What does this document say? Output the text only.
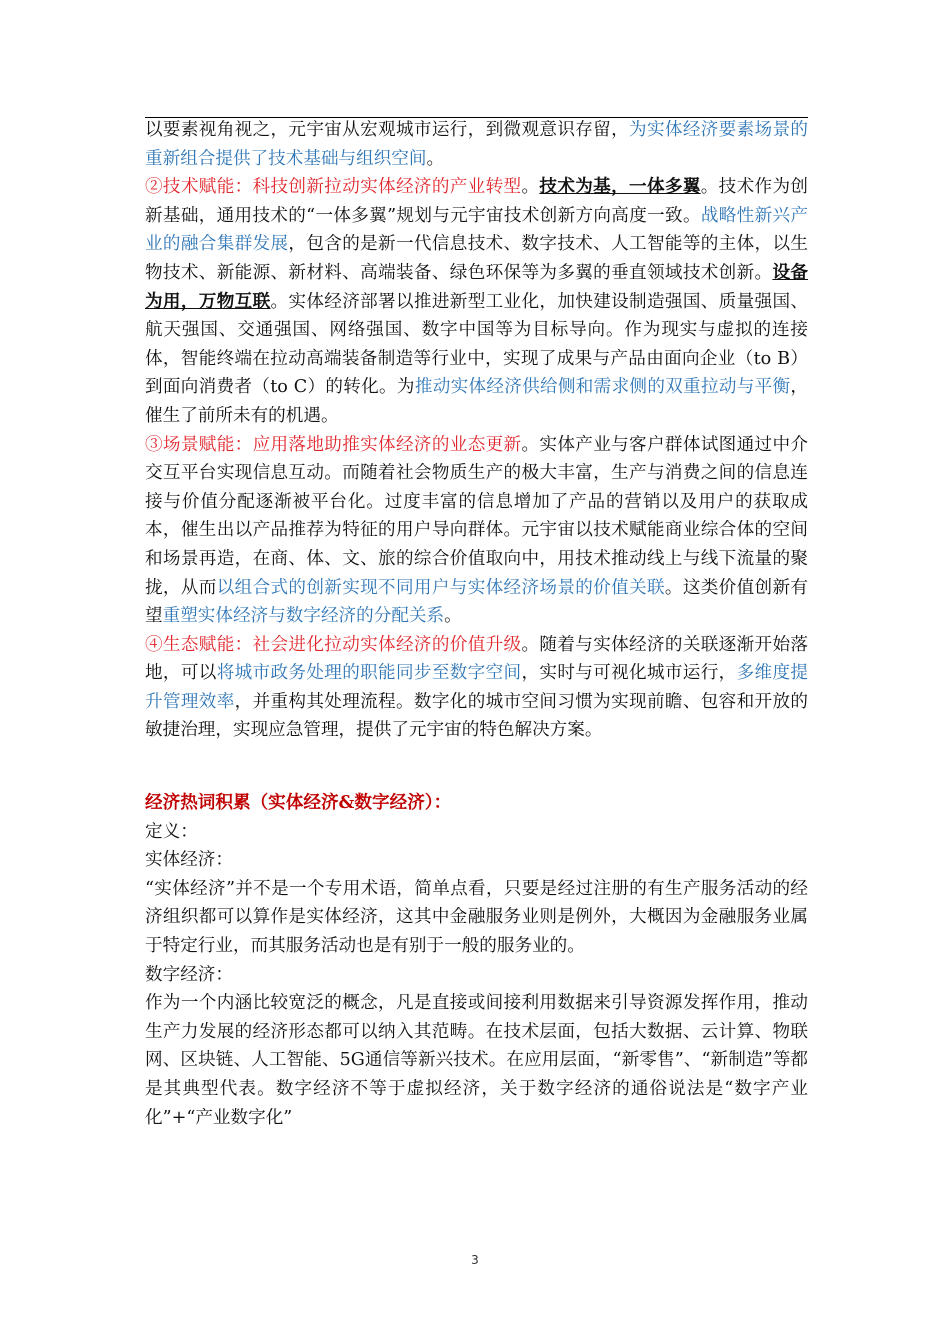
以要素视角视之，元宇宙从宏观城市运行，到微观意识存留，为实体经济要素场景的重新组合提供了技术基础与组织空间。

②技术赋能：科技创新拉动实体经济的产业转型。技术为基，一体多翼。技术作为创新基础，通用技术的“一体多翼”规划与元宇宙技术创新方向高度一致。战略性新兴产业的融合集群发展，包含的是新一代信息技术、数字技术、人工智能等的主体，以生物技术、新能源、新材料、高端装备、绿色环保等为多翼的垂直领域技术创新。设备为用，万物互联。实体经济部署以推进新型工业化，加快建设制造强国、质量强国、航天强国、交通强国、网络强国、数字中国等为目标导向。作为现实与虚拟的连接体，智能终端在拉动高端装备制造等行业中，实现了成果与产品由面向企业（to B）到面向消费者（to C）的转化。为推动实体经济供给侧和需求侧的双重拉动与平衡，催生了前所未有的机遇。

③场景赋能：应用落地助推实体经济的业态更新。实体产业与客户群体试图通过中介交互平台实现信息互动。而随着社会物质生产的极大丰富，生产与消费之间的信息连接与价值分配逐渐被平台化。过度丰富的信息增加了产品的营销以及用户的获取成本，催生出以产品推荐为特征的用户导向群体。元宇宙以技术赋能商业综合体的空间和场景再造，在商、体、文、旅的综合价值取向中，用技术推动线上与线下流量的聚拢，从而以组合式的创新实现不同用户与实体经济场景的价值关联。这类价值创新有望重塑实体经济与数字经济的分配关系。

④生态赋能：社会进化拉动实体经济的价值升级。随着与实体经济的关联逐渐开始落地，可以将城市政务处理的职能同步至数字空间，实时与可视化城市运行，多维度提升管理效率，并重构其处理流程。数字化的城市空间习惯为实现前瞻、包容和开放的敏捷治理，实现应急管理，提供了元宇宙的特色解决方案。

经济热词积累（实体经济&数字经济）：

定义：

实体经济：

“实体经济”并不是一个专用术语，简单点看，只要是经过注册的有生产服务活动的经济组织都可以算作是实体经济，这其中金融服务业则是例外，大概因为金融服务业属于特定行业，而其服务活动也是有别于一般的服务业的。

数字经济：

作为一个内涵比较宽泛的概念，凡是直接或间接利用数据来引导资源发挥作用，推动生产力发展的经济形态都可以纳入其范畴。在技术层面，包括大数据、云计算、物联网、区块链、人工智能、5G通信等新兴技术。在应用层面，“新零售”、“新制造”等都是其典型代表。数字经济不等于虚拟经济，关于数字经济的通俗说法是“数字产业化”+“产业数字化”

3
